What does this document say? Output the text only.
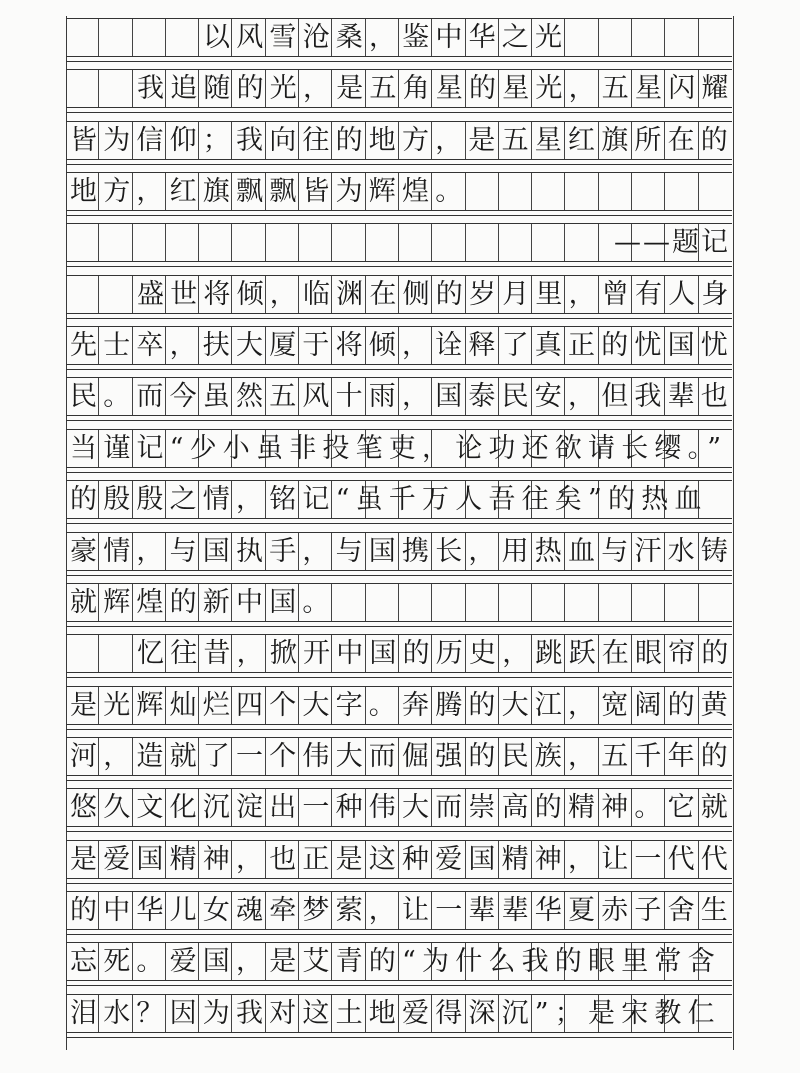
以风雪沧桑，鉴中华之光
我追随的光，是五角星的星光，五星闪耀
皆为信仰；我向往的地方，是五星红旗所在的
地方，红旗飘飘皆为辉煌。
——题记
盛世将倾，临渊在侧的岁月里，曾有人身
先士卒，扶大厦于将倾，诠释了真正的忧国忧
民。而今虽然五风十雨，国泰民安，但我辈也
当谨记“少小虽非投笔吏，论功还欲请长缨。”
的殷殷之情，铭记“虽千万人吾往矣”的热血
豪情，与国执手，与国携长，用热血与汗水铸
就辉煌的新中国。
忆往昔，掀开中国的历史，跳跃在眼帘的
是光辉灿烂四个大字。奔腾的大江，宽阔的黄
河，造就了一个伟大而倔强的民族，五千年的
悠久文化沉淀出一种伟大而崇高的精神。它就
是爱国精神，也正是这种爱国精神，让一代代
的中华儿女魂牵梦萦，让一辈辈华夏赤子舍生
忘死。爱国，是艾青的“为什么我的眼里常含
泪水？因为我对这土地爱得深沉”；是宋教仁
